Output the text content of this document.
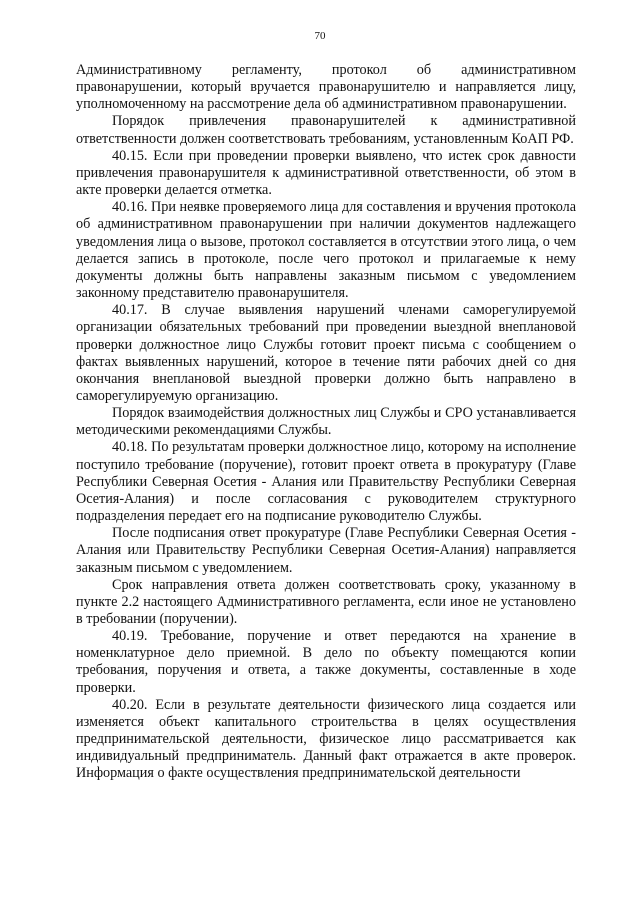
70

Административному регламенту, протокол об административном правонарушении, который вручается правонарушителю и направляется лицу, уполномоченному на рассмотрение дела об административном правонарушении.

Порядок привлечения правонарушителей к административной ответственности должен соответствовать требованиям, установленным КоАП РФ.

40.15. Если при проведении проверки выявлено, что истек срок давности привлечения правонарушителя к административной ответственности, об этом в акте проверки делается отметка.

40.16. При неявке проверяемого лица для составления и вручения протокола об административном правонарушении при наличии документов надлежащего уведомления лица о вызове, протокол составляется в отсутствии этого лица, о чем делается запись в протоколе, после чего протокол и прилагаемые к нему документы должны быть направлены заказным письмом с уведомлением законному представителю правонарушителя.

40.17. В случае выявления нарушений членами саморегулируемой организации обязательных требований при проведении выездной внеплановой проверки должностное лицо Службы готовит проект письма с сообщением о фактах выявленных нарушений, которое в течение пяти рабочих дней со дня окончания внеплановой выездной проверки должно быть направлено в саморегулируемую организацию.

Порядок взаимодействия должностных лиц Службы и СРО устанавливается методическими рекомендациями Службы.

40.18. По результатам проверки должностное лицо, которому на исполнение поступило требование (поручение), готовит проект ответа в прокуратуру (Главе Республики Северная Осетия - Алания или Правительству Республики Северная Осетия-Алания) и после согласования с руководителем структурного подразделения передает его на подписание руководителю Службы.

После подписания ответ прокуратуре (Главе Республики Северная Осетия - Алания или Правительству Республики Северная Осетия-Алания) направляется заказным письмом с уведомлением.

Срок направления ответа должен соответствовать сроку, указанному в пункте 2.2 настоящего Административного регламента, если иное не установлено в требовании (поручении).

40.19. Требование, поручение и ответ передаются на хранение в номенклатурное дело приемной. В дело по объекту помещаются копии требования, поручения и ответа, а также документы, составленные в ходе проверки.

40.20. Если в результате деятельности физического лица создается или изменяется объект капитального строительства в целях осуществления предпринимательской деятельности, физическое лицо рассматривается как индивидуальный предприниматель. Данный факт отражается в акте проверок. Информация о факте осуществления предпринимательской деятельности
